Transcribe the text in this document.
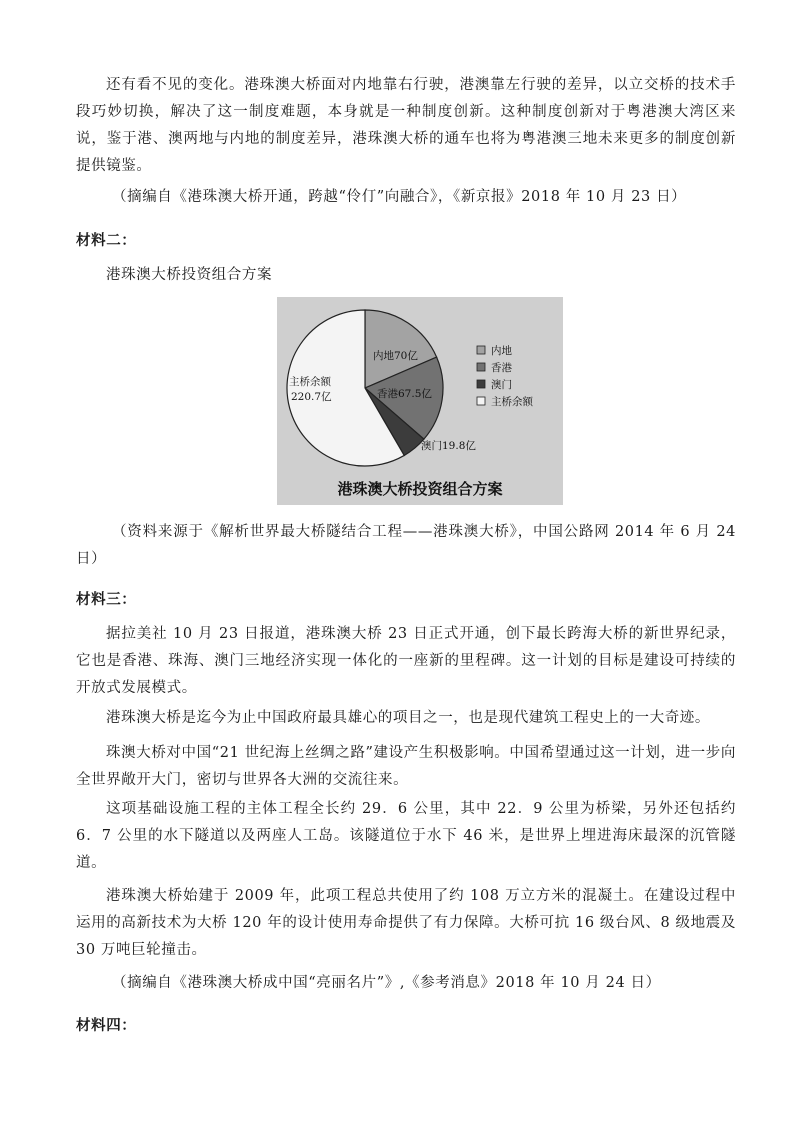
还有看不见的变化。港珠澳大桥面对内地靠右行驶，港澳靠左行驶的差异，以立交桥的技术手段巧妙切换，解决了这一制度难题，本身就是一种制度创新。这种制度创新对于粤港澳大湾区来说，鉴于港、澳两地与内地的制度差异，港珠澳大桥的通车也将为粤港澳三地未来更多的制度创新提供镜鉴。

（摘编自《港珠澳大桥开通，跨越“伶仃”向融合》，《新京报》2018 年 10 月 23 日）

材料二：

港珠澳大桥投资组合方案

内地70亿
香港67.5亿
澳门19.8亿
主桥余额
220.7亿
内地
香港
澳门
主桥余额
港珠澳大桥投资组合方案

（资料来源于《解析世界最大桥隧结合工程——港珠澳大桥》，中国公路网 2014 年 6 月 24 日）

材料三：

据拉美社 10 月 23 日报道，港珠澳大桥 23 日正式开通，创下最长跨海大桥的新世界纪录，它也是香港、珠海、澳门三地经济实现一体化的一座新的里程碑。这一计划的目标是建设可持续的开放式发展模式。

港珠澳大桥是迄今为止中国政府最具雄心的项目之一，也是现代建筑工程史上的一大奇迹。

珠澳大桥对中国“21 世纪海上丝绸之路”建设产生积极影响。中国希望通过这一计划，进一步向全世界敞开大门，密切与世界各大洲的交流往来。

这项基础设施工程的主体工程全长约 29．6 公里，其中 22．9 公里为桥梁，另外还包括约 6．7 公里的水下隧道以及两座人工岛。该隧道位于水下 46 米，是世界上埋进海床最深的沉管隧道。

港珠澳大桥始建于 2009 年，此项工程总共使用了约 108 万立方米的混凝土。在建设过程中运用的高新技术为大桥 120 年的设计使用寿命提供了有力保障。大桥可抗 16 级台风、8 级地震及 30 万吨巨轮撞击。

（摘编自《港珠澳大桥成中国“亮丽名片”》,《参考消息》2018 年 10 月 24 日）

材料四：
